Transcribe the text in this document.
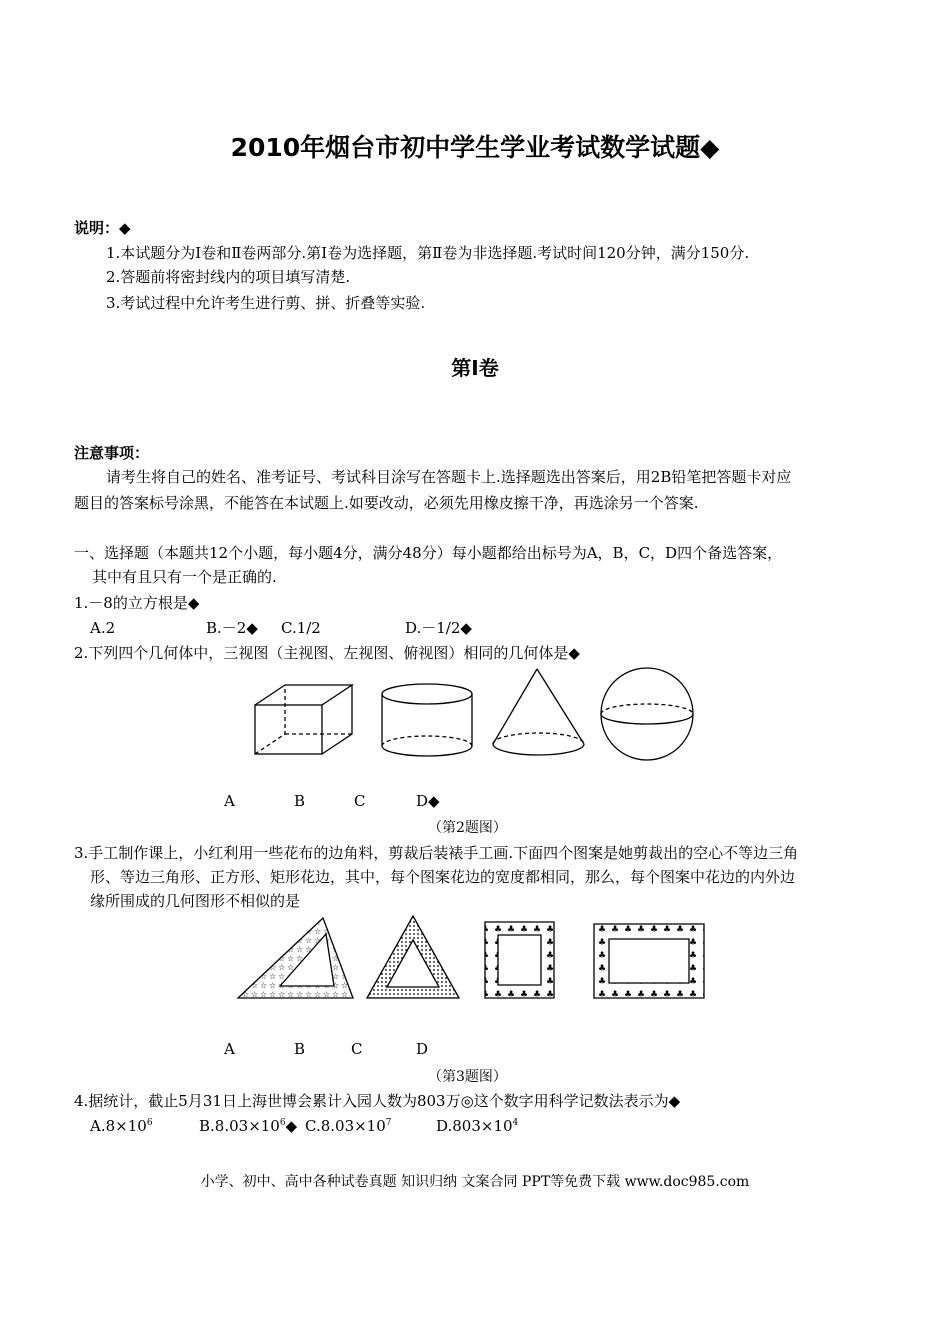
2010年烟台市初中学生学业考试数学试题◆
说明：◆
1.本试题分为Ⅰ卷和Ⅱ卷两部分.第Ⅰ卷为选择题，第Ⅱ卷为非选择题.考试时间120分钟，满分150分.
2.答题前将密封线内的项目填写清楚.
3.考试过程中允许考生进行剪、拼、折叠等实验.
第Ⅰ卷
注意事项：
请考生将自己的姓名、准考证号、考试科目涂写在答题卡上.选择题选出答案后，用2B铅笔把答题卡对应
题目的答案标号涂黑，不能答在本试题上.如要改动，必须先用橡皮擦干净，再选涂另一个答案.
一、选择题（本题共12个小题，每小题4分，满分48分）每小题都给出标号为A，B，C，D四个备选答案，
其中有且只有一个是正确的.
1.－8的立方根是◆
A.2	B.－2◆ C.1/2	D.－1/2◆
2.下列四个几何体中，三视图（主视图、左视图、俯视图）相同的几何体是◆
A	B	C	D◆
（第2题图）
3.手工制作课上，小红利用一些花布的边角料，剪裁后装裱手工画.下面四个图案是她剪裁出的空心不等边三角
形、等边三角形、正方形、矩形花边，其中，每个图案花边的宽度都相同，那么，每个图案中花边的内外边
缘所围成的几何图形不相似的是
A	B	C	D
（第3题图）
4.据统计，截止5月31日上海世博会累计入园人数为803万◎这个数字用科学记数法表示为◆
$A.8\times 10^6$	$B.8.03\times 10^6◆$ $C.8.03\times 10^7$	$D.803\times 10^4$
小学、初中、高中各种试卷真题 知识归纳 文案合同 PPT等免费下载 www.doc985.com
